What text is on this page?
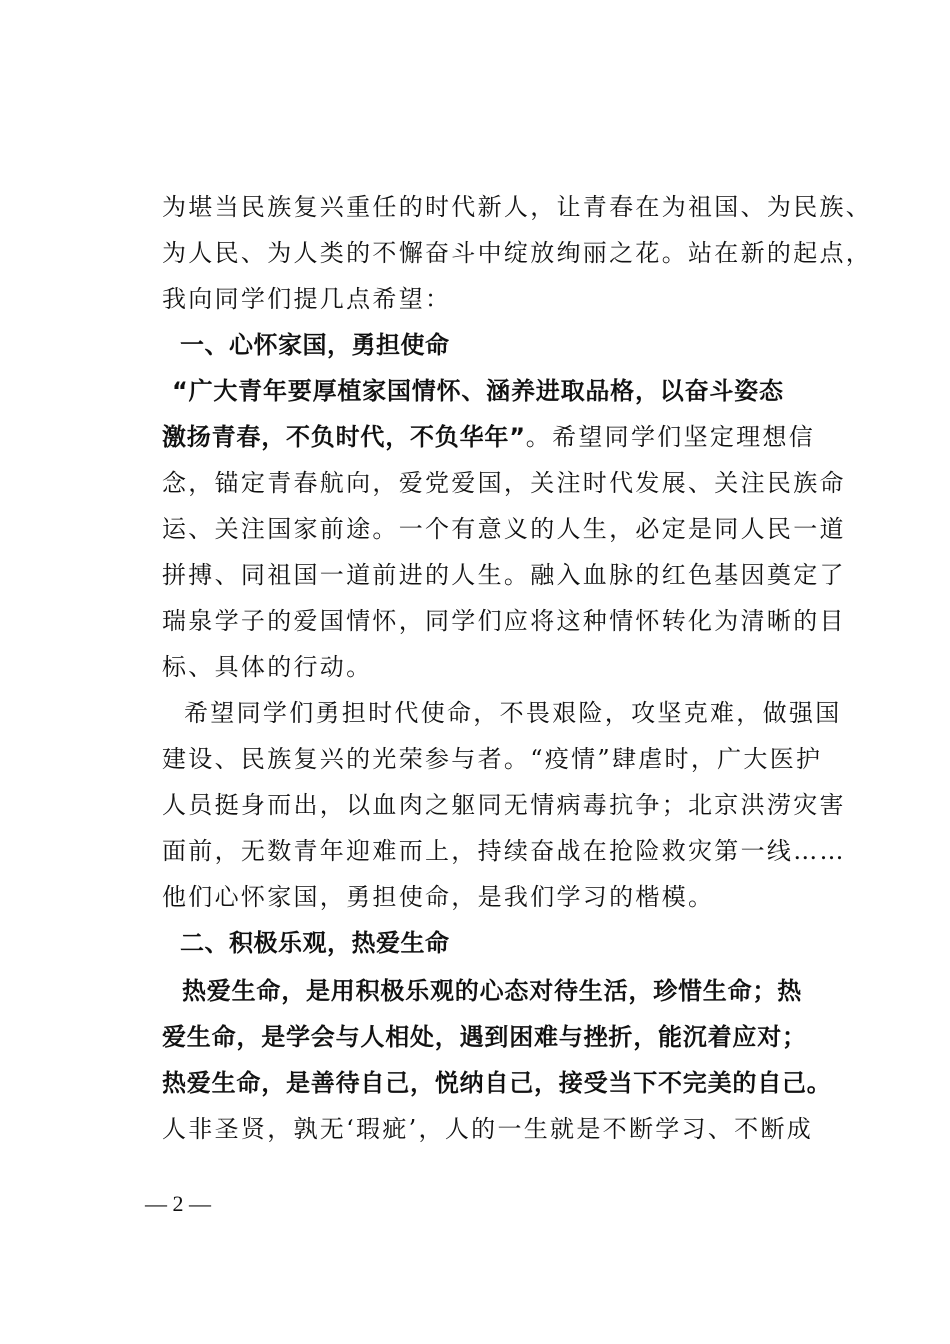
为堪当民族复兴重任的时代新人，让青春在为祖国、为民族、
为人民、为人类的不懈奋斗中绽放绚丽之花。站在新的起点，
我向同学们提几点希望：
一、心怀家国，勇担使命
“广大青年要厚植家国情怀、涵养进取品格，以奋斗姿态
激扬青春，不负时代，不负华年”。希望同学们坚定理想信
念，锚定青春航向，爱党爱国，关注时代发展、关注民族命
运、关注国家前途。一个有意义的人生，必定是同人民一道
拼搏、同祖国一道前进的人生。融入血脉的红色基因奠定了
瑞泉学子的爱国情怀，同学们应将这种情怀转化为清晰的目
标、具体的行动。
希望同学们勇担时代使命，不畏艰险，攻坚克难，做强国
建设、民族复兴的光荣参与者。“疫情”肆虐时，广大医护
人员挺身而出，以血肉之躯同无情病毒抗争；北京洪涝灾害
面前，无数青年迎难而上，持续奋战在抢险救灾第一线……
他们心怀家国，勇担使命，是我们学习的楷模。
二、积极乐观，热爱生命
热爱生命，是用积极乐观的心态对待生活，珍惜生命；热
爱生命，是学会与人相处，遇到困难与挫折，能沉着应对；
热爱生命，是善待自己，悦纳自己，接受当下不完美的自己。
人非圣贤，孰无‘瑕疵’，人的一生就是不断学习、不断成
— 2 —
